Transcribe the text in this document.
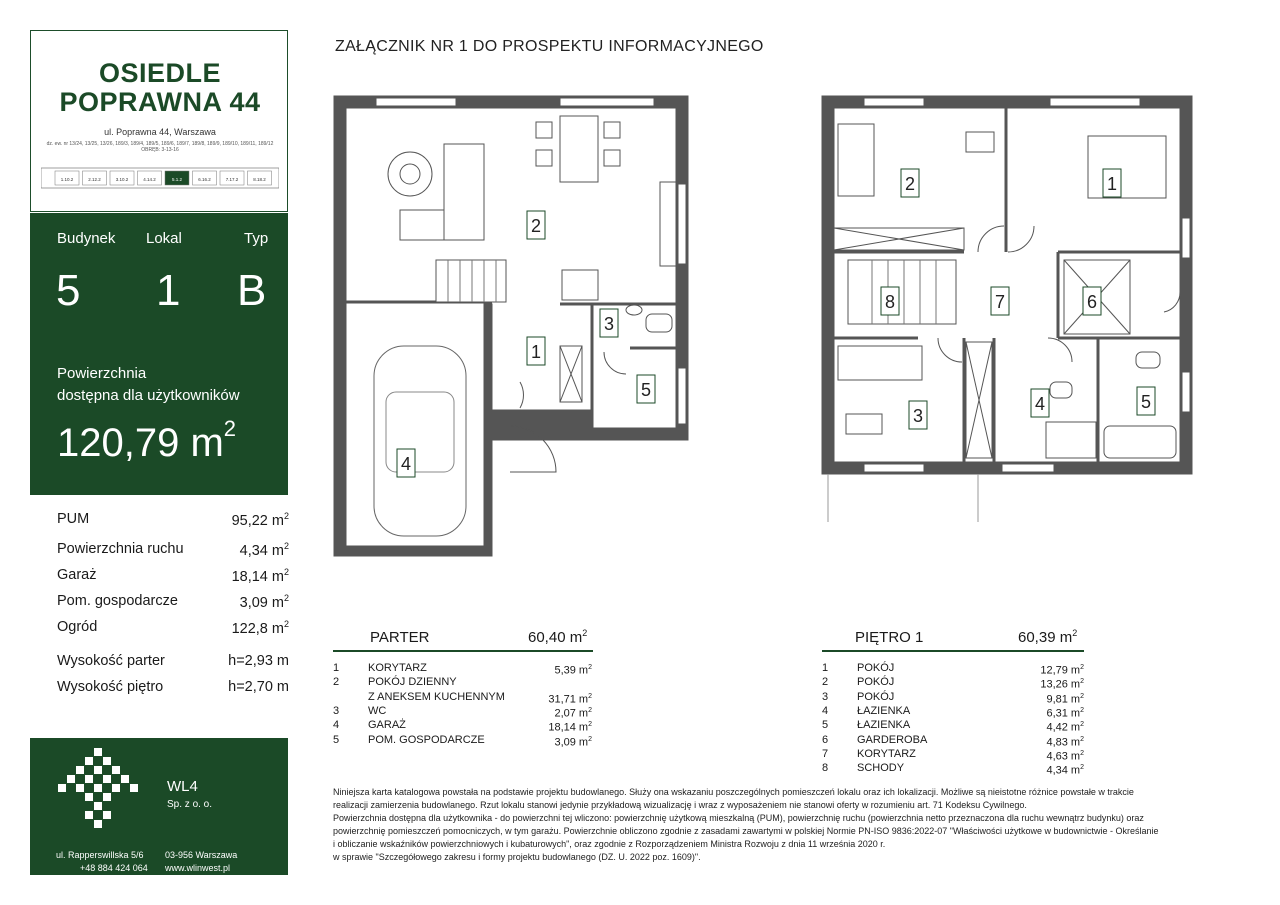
OSIEDLE
POPRAWNA 44
ul. Poprawna 44, Warszawa
dz. ew. nr 13/24, 13/25, 13/26, 189/3, 189/4, 189/5, 189/6, 189/7, 189/8, 189/9, 189/10, 189/11, 189/12
OBRĘB: 3-13-16
1.10.2	2.12.2	3.10.2	4.14.2	5.1.2	6.16.2	7.17.2	8.18.2
Budynek Lokal	Typ
5 1 B
Powierzchnia
dostępna dla użytkowników
120,79 $m^2$
PUM	95,22 $m^2$
Powierzchnia ruchu	4,34 $m^2$
Garaż	18,14 $m^2$
Pom. gospodarcze	3,09 $m^2$
Ogród	122,8 $m^2$
Wysokość parter	h=2,93 m
Wysokość piętro	h=2,70 m
WL4
Sp. z o. o.
ul. Rapperswillska 5/6 03-956 Warszawa
+48 884 424 064 www.wlinwest.pl
ZAŁĄCZNIK NR 1 DO PROSPEKTU INFORMACYJNEGO
1
2
3
4
5
1
2
3
4	5
6
7
8
PARTER	60,40 $m^2$
1	KORYTARZ	5,39 $m^2$
2	POKÓJ DZIENNY
Z ANEKSEM KUCHENNYM	31,71 $m^2$
3	WC	2,07 $m^2$
4	GARAŻ	18,14 $m^2$
5	POM. GOSPODARCZE	3,09 $m^2$
PIĘTRO 1	60,39 $m^2$
1	POKÓJ	12,79 $m^2$
2	POKÓJ	13,26 $m^2$
3	POKÓJ	9,81 $m^2$
4	ŁAZIENKA	6,31 $m^2$
5	ŁAZIENKA	4,42 $m^2$
6	GARDEROBA	4,83 $m^2$
7	KORYTARZ	4,63 $m^2$
8	SCHODY	4,34 $m^2$
Niniejsza karta katalogowa powstała na podstawie projektu budowlanego. Służy ona wskazaniu poszczególnych pomieszczeń lokalu oraz ich lokalizacji. Możliwe są nieistotne różnice powstałe w trakcie
realizacji zamierzenia budowlanego. Rzut lokalu stanowi jedynie przykładową wizualizację i wraz z wyposażeniem nie stanowi oferty w rozumieniu art. 71 Kodeksu Cywilnego.
Powierzchnia dostępna dla użytkownika - do powierzchni tej wliczono: powierzchnię użytkową mieszkalną (PUM), powierzchnię ruchu (powierzchnia netto przeznaczona dla ruchu wewnątrz budynku) oraz
powierzchnię pomieszczeń pomocniczych, w tym garażu. Powierzchnie obliczono zgodnie z zasadami zawartymi w polskiej Normie PN-ISO 9836:2022-07 "Właściwości użytkowe w budownictwie - Określanie
i obliczanie wskaźników powierzchniowych i kubaturowych", oraz zgodnie z Rozporządzeniem Ministra Rozwoju z dnia 11 września 2020 r.
w sprawie "Szczegółowego zakresu i formy projektu budowlanego (DZ. U. 2022 poz. 1609)".
